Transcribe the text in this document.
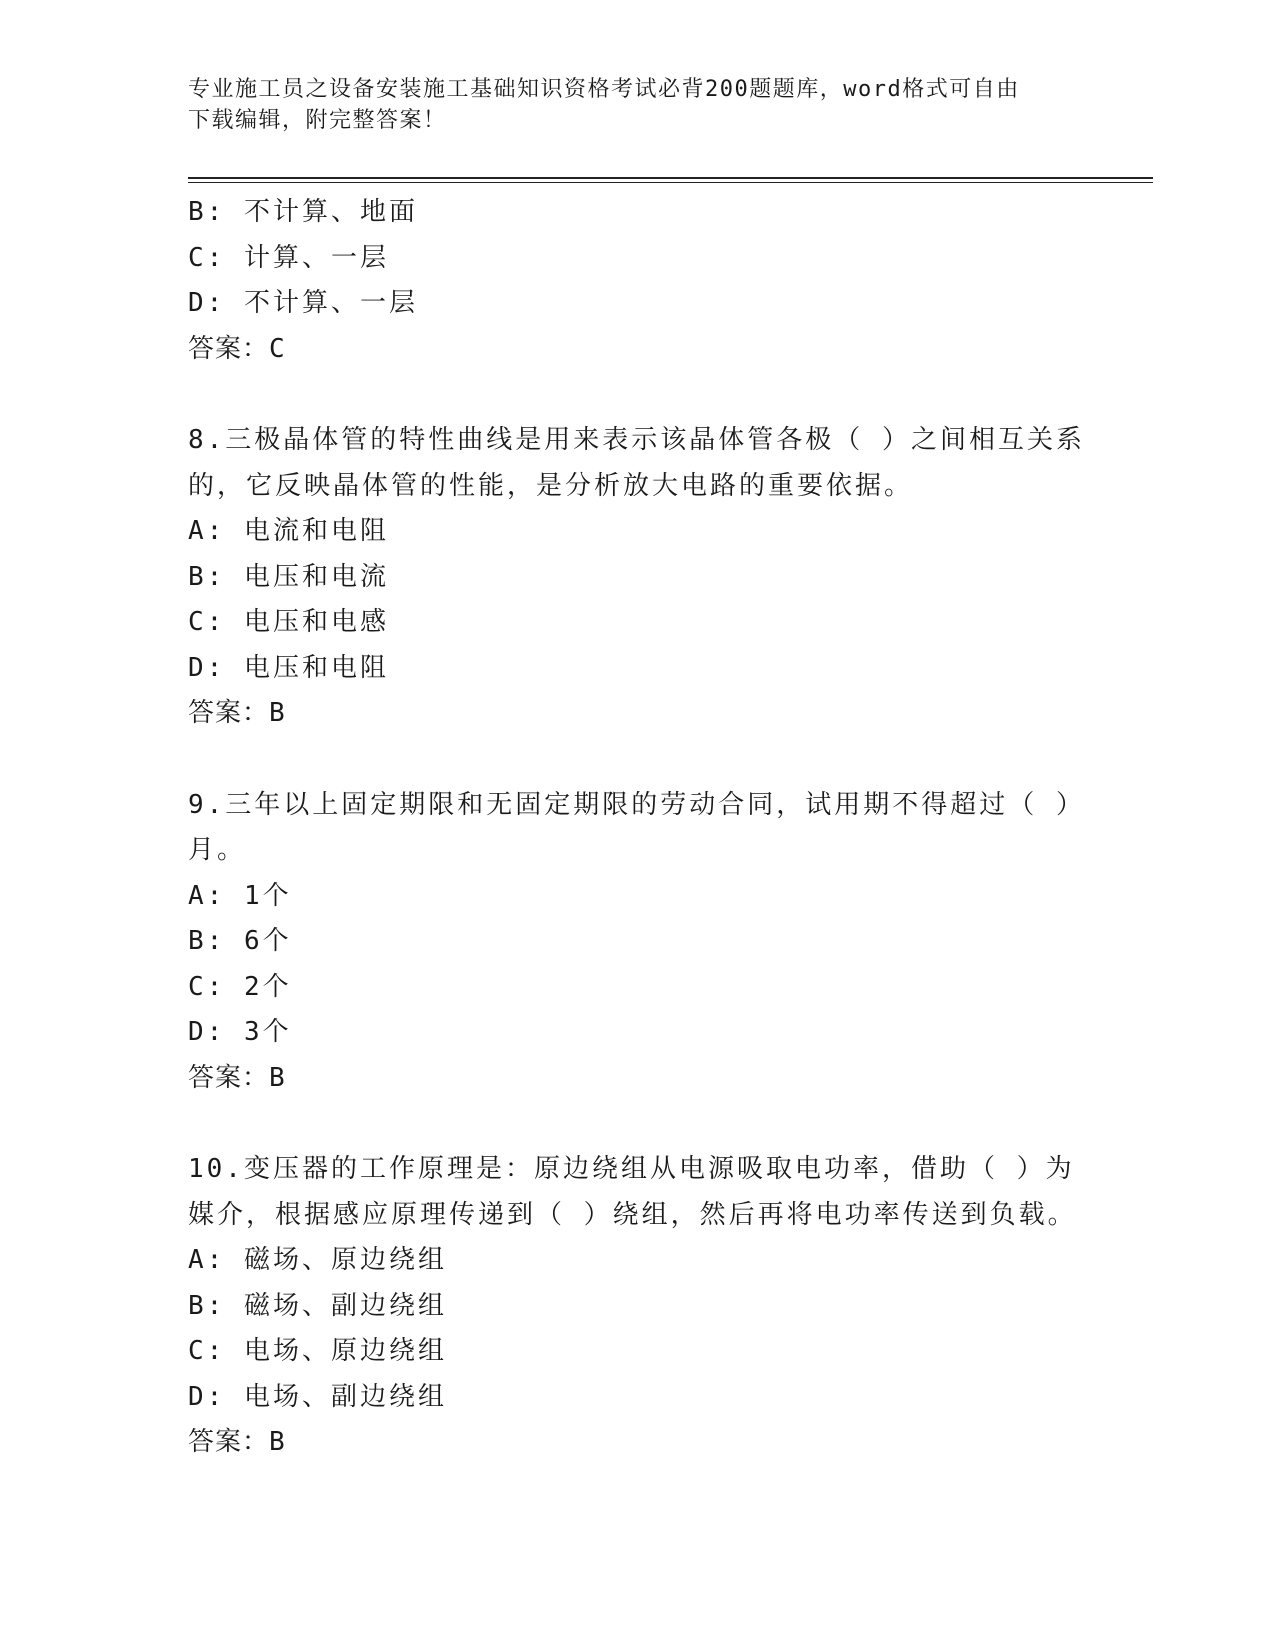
专业施工员之设备安装施工基础知识资格考试必背200题题库，word格式可自由
下载编辑，附完整答案！
B: 不计算、地面
C: 计算、一层
D: 不计算、一层
答案：C
8.三极晶体管的特性曲线是用来表示该晶体管各极（ ）之间相互关系
的，它反映晶体管的性能，是分析放大电路的重要依据。
A: 电流和电阻
B: 电压和电流
C: 电压和电感
D: 电压和电阻
答案：B
9.三年以上固定期限和无固定期限的劳动合同，试用期不得超过（ ）
月。
A: 1个
B: 6个
C: 2个
D: 3个
答案：B
10.变压器的工作原理是：原边绕组从电源吸取电功率，借助（ ）为
媒介，根据感应原理传递到（ ）绕组，然后再将电功率传送到负载。
A: 磁场、原边绕组
B: 磁场、副边绕组
C: 电场、原边绕组
D: 电场、副边绕组
答案：B
